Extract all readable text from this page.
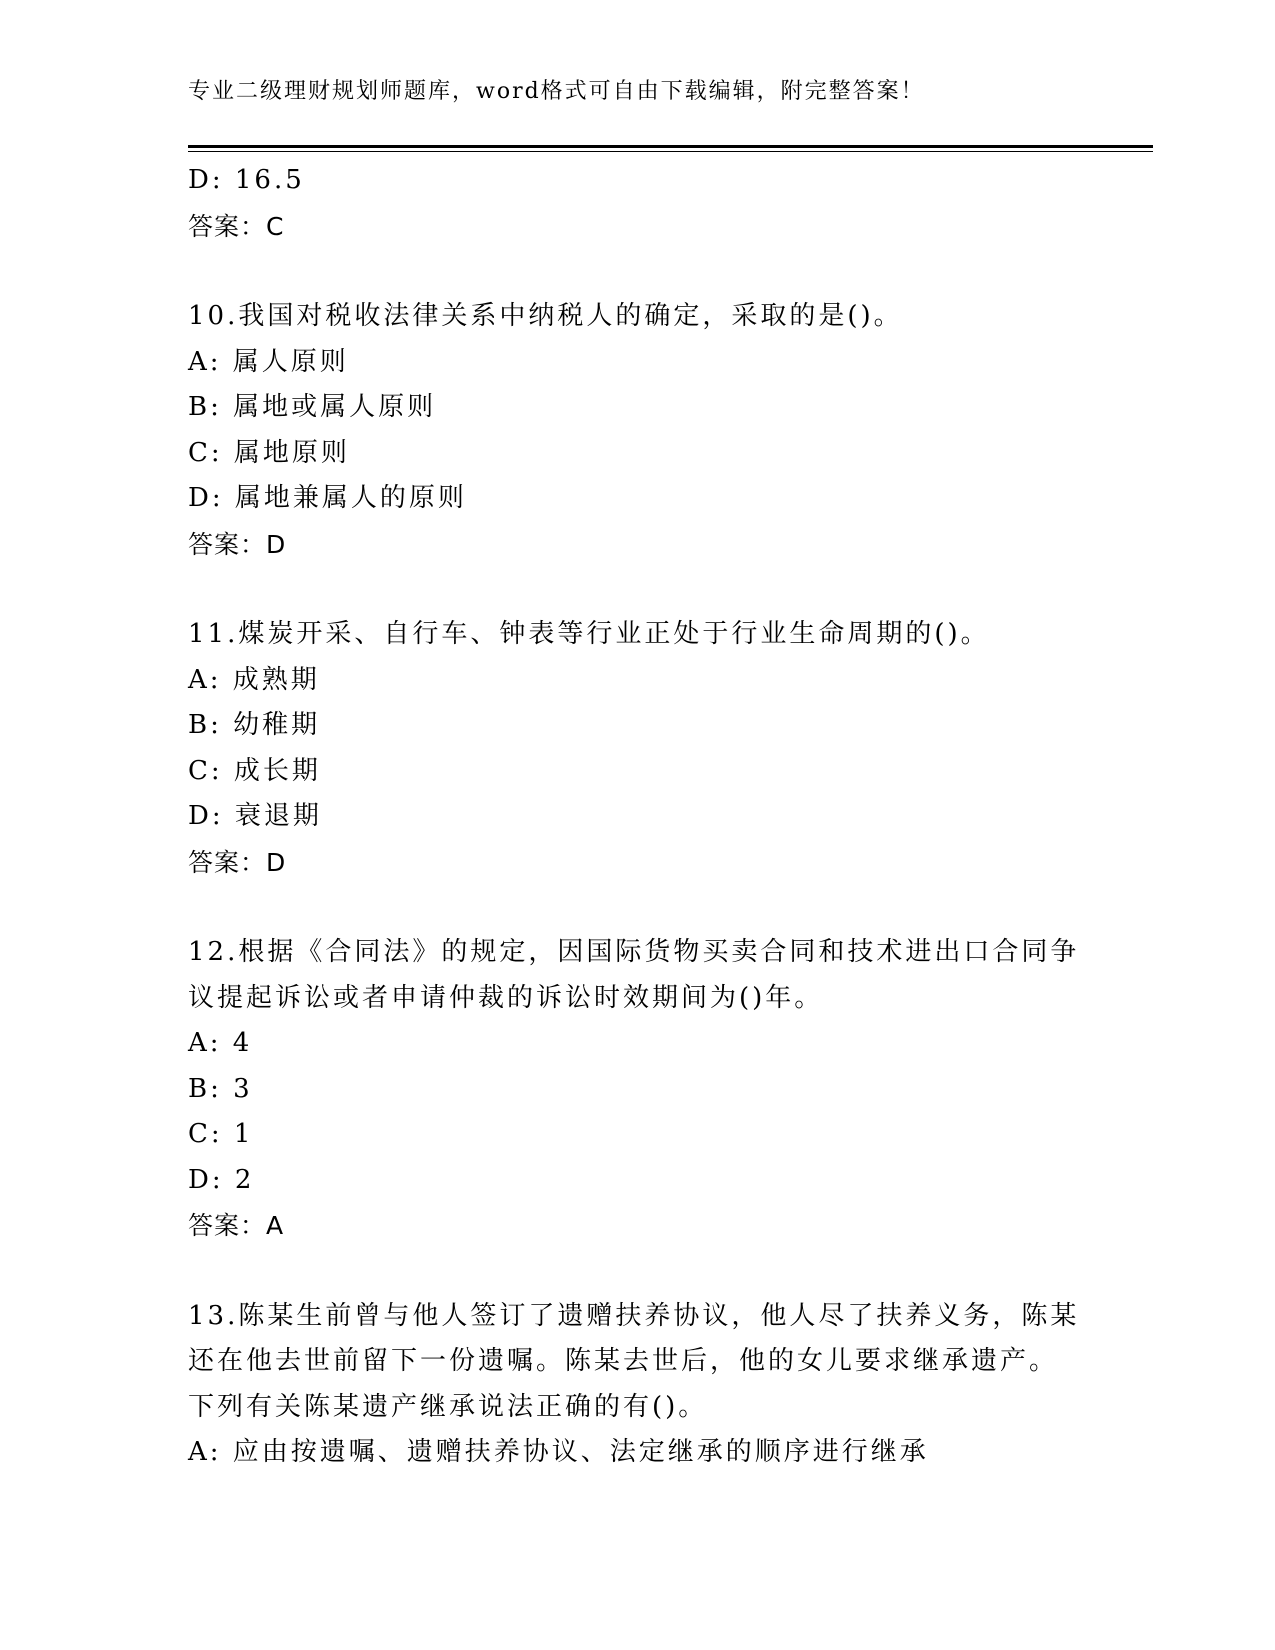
专业二级理财规划师题库，word格式可自由下载编辑，附完整答案！
D: 16.5
答案：C
10.我国对税收法律关系中纳税人的确定，采取的是()。
A: 属人原则
B: 属地或属人原则
C: 属地原则
D: 属地兼属人的原则
答案：D
11.煤炭开采、自行车、钟表等行业正处于行业生命周期的()。
A: 成熟期
B: 幼稚期
C: 成长期
D: 衰退期
答案：D
12.根据《合同法》的规定，因国际货物买卖合同和技术进出口合同争
议提起诉讼或者申请仲裁的诉讼时效期间为()年。
A: 4
B: 3
C: 1
D: 2
答案：A
13.陈某生前曾与他人签订了遗赠扶养协议，他人尽了扶养义务，陈某
还在他去世前留下一份遗嘱。陈某去世后，他的女儿要求继承遗产。
下列有关陈某遗产继承说法正确的有()。
A: 应由按遗嘱、遗赠扶养协议、法定继承的顺序进行继承
